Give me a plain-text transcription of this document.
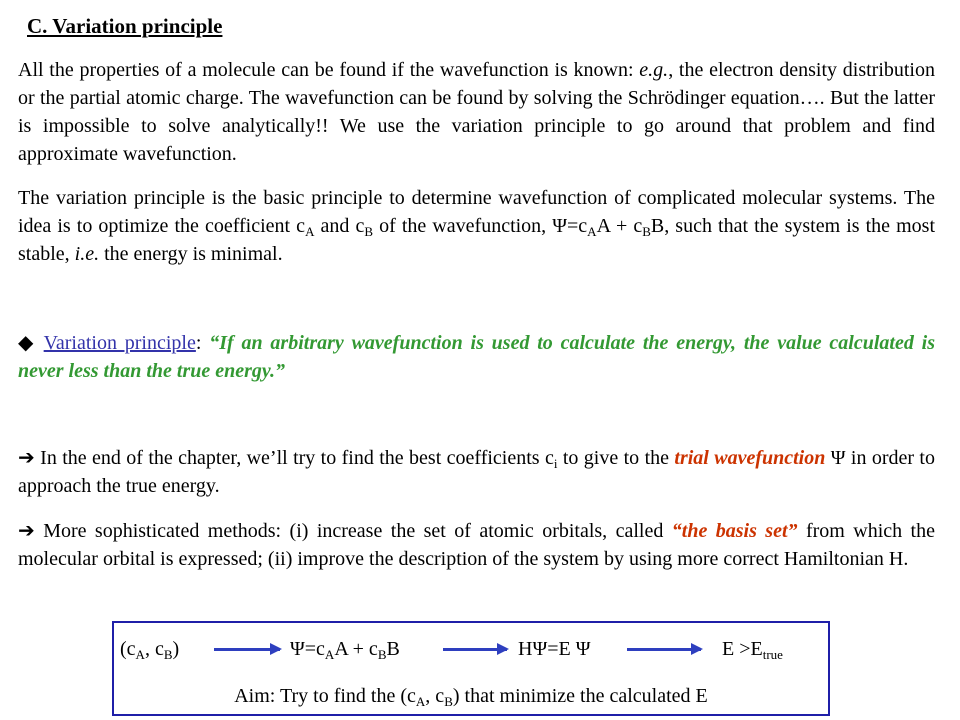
C. Variation principle
All the properties of a molecule can be found if the wavefunction is known: e.g., the electron density distribution or the partial atomic charge. The wavefunction can be found by solving the Schrödinger equation…. But the latter is impossible to solve analytically!! We use the variation principle to go around that problem and find approximate wavefunction.
The variation principle is the basic principle to determine wavefunction of complicated molecular systems. The idea is to optimize the coefficient $c_A$ and $c_B$ of the wavefunction, $\Psi=c_AA + c_BB$, such that the system is the most stable, i.e. the energy is minimal.
◆ Variation principle: “If an arbitrary wavefunction is used to calculate the energy, the value calculated is never less than the true energy.”
➔ In the end of the chapter, we’ll try to find the best coefficients $c_i$ to give to the trial wavefunction Ψ in order to approach the true energy.
➔ More sophisticated methods: (i) increase the set of atomic orbitals, called “the basis set” from which the molecular orbital is expressed; (ii) improve the description of the system by using more correct Hamiltonian H.
($c_A$, $c_B$)	$\Psi=c_AA + c_BB$	HΨ=E Ψ	$E >E_{true}$
Aim: Try to find the ($c_A$, $c_B$) that minimize the calculated E
